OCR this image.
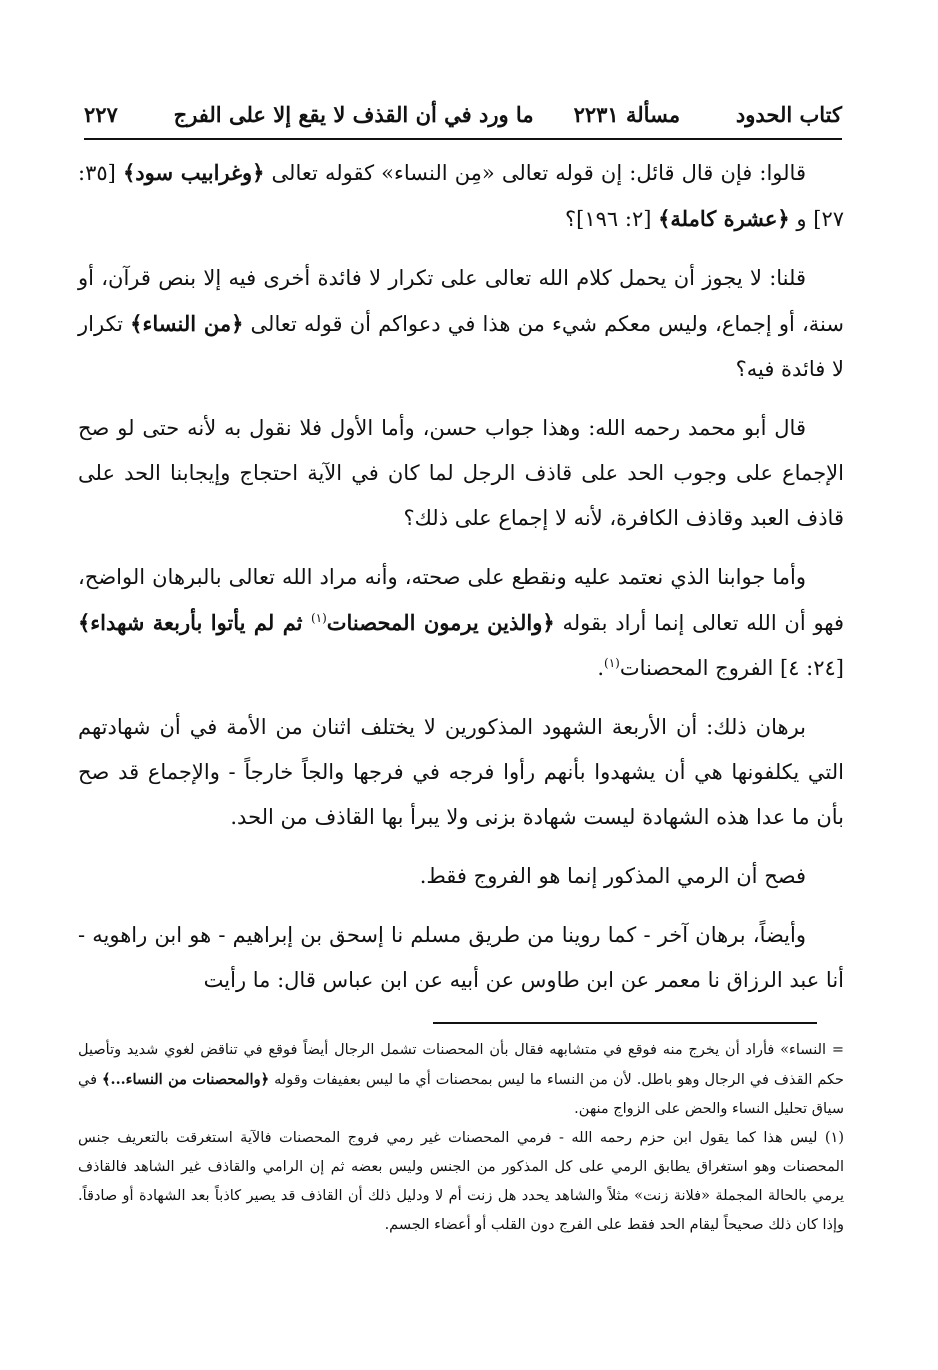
كتاب الحدود
مسألة ٢٢٣١
ما ورد في أن القذف لا يقع إلا على الفرج
٢٢٧

قالوا: فإن قال قائل: إن قوله تعالى «مِن النساء» كقوله تعالى ﴿وغرابيب سود﴾ [٣٥: ٢٧] و ﴿عشرة كاملة﴾ [٢: ١٩٦]؟

قلنا: لا يجوز أن يحمل كلام الله تعالى على تكرار لا فائدة أخرى فيه إلا بنص قرآن، أو سنة، أو إجماع، وليس معكم شيء من هذا في دعواكم أن قوله تعالى ﴿من النساء﴾ تكرار لا فائدة فيه؟

قال أبو محمد رحمه الله: وهذا جواب حسن، وأما الأول فلا نقول به لأنه حتى لو صح الإجماع على وجوب الحد على قاذف الرجل لما كان في الآية احتجاج وإيجابنا الحد على قاذف العبد وقاذف الكافرة، لأنه لا إجماع على ذلك؟

وأما جوابنا الذي نعتمد عليه ونقطع على صحته، وأنه مراد الله تعالى بالبرهان الواضح، فهو أن الله تعالى إنما أراد بقوله ﴿والذين يرمون المحصنات$^{(١)}$ ثم لم يأتوا بأربعة شهداء﴾ [٢٤: ٤] الفروج المحصنات$^{(١)}$.

برهان ذلك: أن الأربعة الشهود المذكورين لا يختلف اثنان من الأمة في أن شهادتهم التي يكلفونها هي أن يشهدوا بأنهم رأوا فرجه في فرجها والجاً خارجاً - والإجماع قد صح بأن ما عدا هذه الشهادة ليست شهادة بزنى ولا يبرأ بها القاذف من الحد.

فصح أن الرمي المذكور إنما هو الفروج فقط.

وأيضاً، برهان آخر - كما روينا من طريق مسلم نا إسحق بن إبراهيم - هو ابن راهويه - أنا عبد الرزاق نا معمر عن ابن طاوس عن أبيه عن ابن عباس قال: ما رأيت

= النساء» فأراد أن يخرج منه فوقع في متشابهه فقال بأن المحصنات تشمل الرجال أيضاً فوقع في تناقض لغوي شديد وتأصيل حكم القذف في الرجال وهو باطل. لأن من النساء ما ليس بمحصنات أي ما ليس بعفيفات وقوله ﴿والمحصنات من النساء...﴾ في سياق تحليل النساء والحض على الزواج منهن.

(١) ليس هذا كما يقول ابن حزم رحمه الله - فرمي المحصنات غير رمي فروج المحصنات فالآية استغرقت بالتعريف جنس المحصنات وهو استغراق يطابق الرمي على كل المذكور من الجنس وليس بعضه ثم إن الرامي والقاذف غير الشاهد فالقاذف يرمي بالحالة المجملة «فلانة زنت» مثلاً والشاهد يحدد هل زنت أم لا ودليل ذلك أن القاذف قد يصير كاذباً بعد الشهادة أو صادقاً. وإذا كان ذلك صحيحاً ليقام الحد فقط على الفرج دون القلب أو أعضاء الجسم.
